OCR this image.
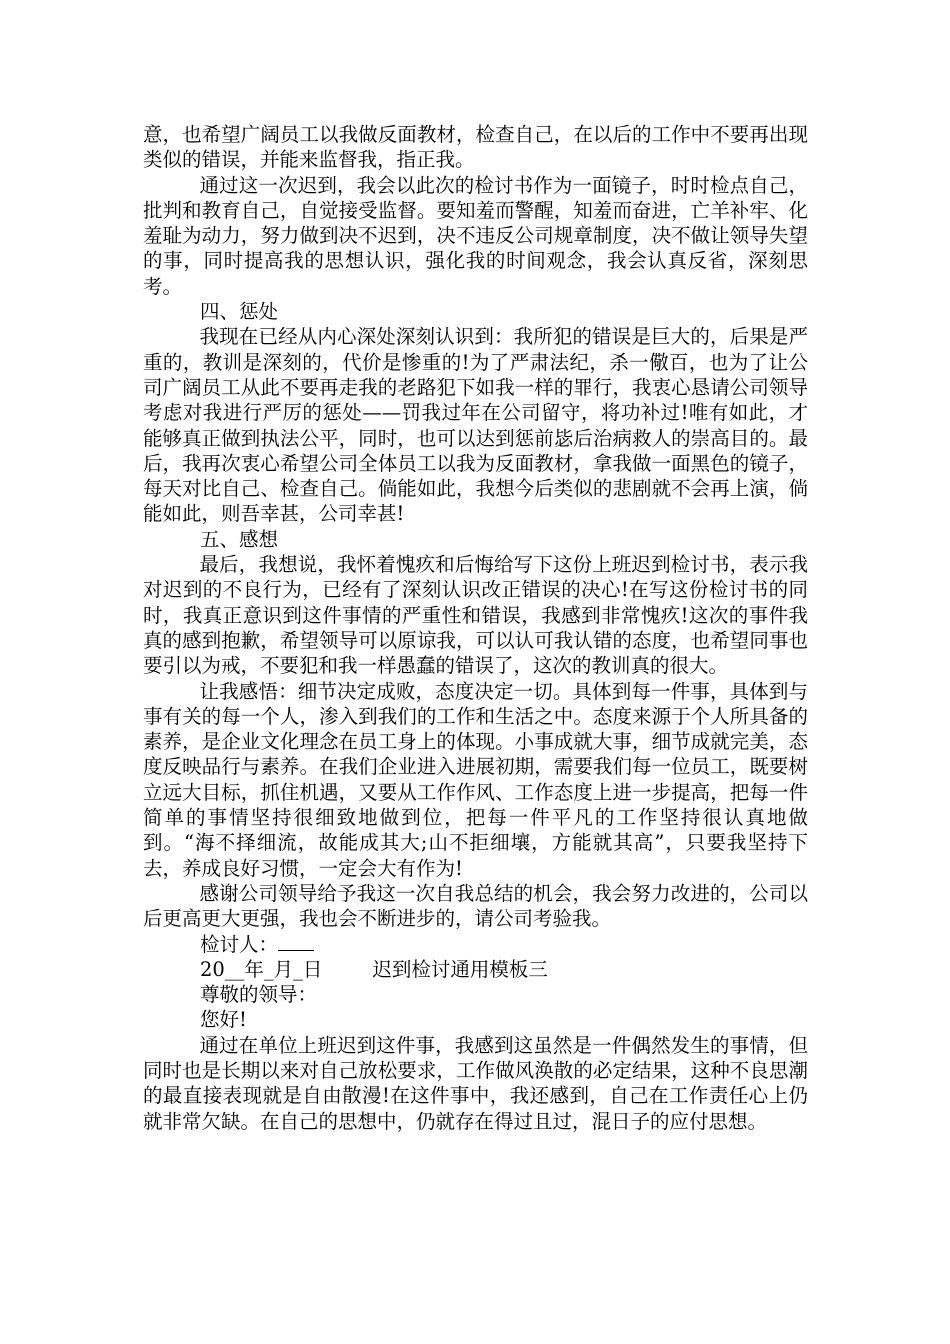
意，也希望广阔员工以我做反面教材，检查自己，在以后的工作中不要再出现类似的错误，并能来监督我，指正我。

通过这一次迟到，我会以此次的检讨书作为一面镜子，时时检点自己，批判和教育自己，自觉接受监督。要知羞而警醒，知羞而奋进，亡羊补牢、化羞耻为动力，努力做到决不迟到，决不违反公司规章制度，决不做让领导失望的事，同时提高我的思想认识，强化我的时间观念，我会认真反省，深刻思考。

四、惩处

我现在已经从内心深处深刻认识到：我所犯的错误是巨大的，后果是严重的，教训是深刻的，代价是惨重的!为了严肃法纪，杀一儆百，也为了让公司广阔员工从此不要再走我的老路犯下如我一样的罪行，我衷心恳请公司领导考虑对我进行严厉的惩处——罚我过年在公司留守，将功补过!唯有如此，才能够真正做到执法公平，同时，也可以达到惩前毖后治病救人的崇高目的。最后，我再次衷心希望公司全体员工以我为反面教材，拿我做一面黑色的镜子，每天对比自己、检查自己。倘能如此，我想今后类似的悲剧就不会再上演，倘能如此，则吾幸甚，公司幸甚!

五、感想

最后，我想说，我怀着愧疚和后悔给写下这份上班迟到检讨书，表示我对迟到的不良行为，已经有了深刻认识改正错误的决心!在写这份检讨书的同时，我真正意识到这件事情的严重性和错误，我感到非常愧疚!这次的事件我真的感到抱歉，希望领导可以原谅我，可以认可我认错的态度，也希望同事也要引以为戒，不要犯和我一样愚蠢的错误了，这次的教训真的很大。

让我感悟：细节决定成败，态度决定一切。具体到每一件事，具体到与事有关的每一个人，渗入到我们的工作和生活之中。态度来源于个人所具备的素养，是企业文化理念在员工身上的体现。小事成就大事，细节成就完美，态度反映品行与素养。在我们企业进入进展初期，需要我们每一位员工，既要树立远大目标，抓住机遇，又要从工作作风、工作态度上进一步提高，把每一件简单的事情坚持很细致地做到位，把每一件平凡的工作坚持很认真地做到。“海不择细流，故能成其大;山不拒细壤，方能就其高”，只要我坚持下去，养成良好习惯，一定会大有作为!

感谢公司领导给予我这一次自我总结的机会，我会努力改进的，公司以后更高更大更强，我也会不断进步的，请公司考验我。

检讨人：

20__年_月_日	迟到检讨通用模板三

尊敬的领导：

您好!

通过在单位上班迟到这件事，我感到这虽然是一件偶然发生的事情，但同时也是长期以来对自己放松要求，工作做风涣散的必定结果，这种不良思潮的最直接表现就是自由散漫!在这件事中，我还感到，自己在工作责任心上仍就非常欠缺。在自己的思想中，仍就存在得过且过，混日子的应付思想。
